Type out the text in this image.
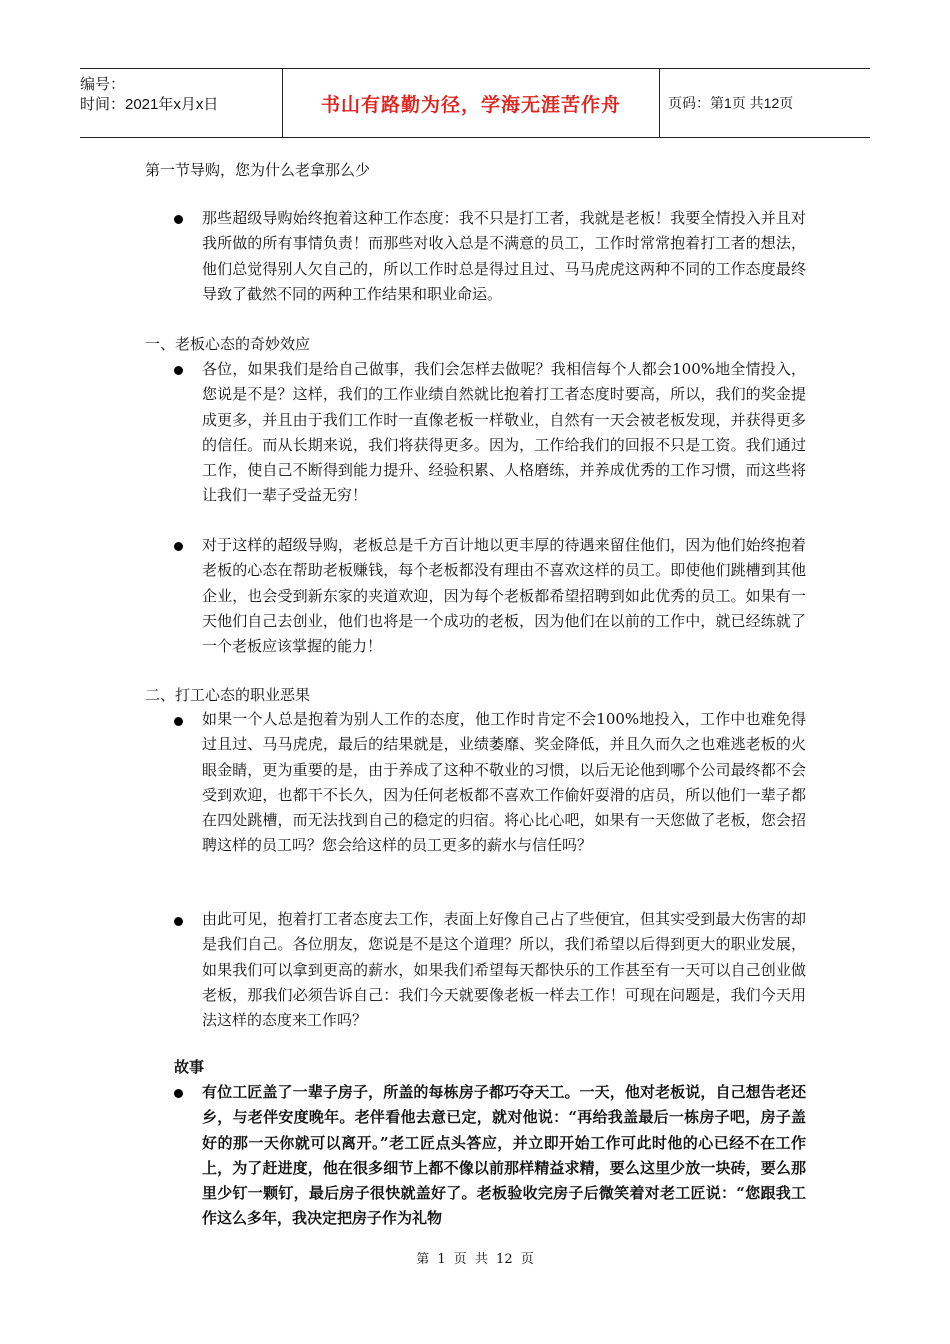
编号：
时间：2021年x月x日	书山有路勤为径，学海无涯苦作舟	页码：第1页 共12页
第一节导购，您为什么老拿那么少
那些超级导购始终抱着这种工作态度：我不只是打工者，我就是老板！我要全情投入并且对我所做的所有事情负责！而那些对收入总是不满意的员工，工作时常常抱着打工者的想法，他们总觉得别人欠自己的，所以工作时总是得过且过、马马虎虎这两种不同的工作态度最终导致了截然不同的两种工作结果和职业命运。
一、老板心态的奇妙效应
各位，如果我们是给自己做事，我们会怎样去做呢？我相信每个人都会100%地全情投入，您说是不是？这样，我们的工作业绩自然就比抱着打工者态度时要高，所以，我们的奖金提成更多，并且由于我们工作时一直像老板一样敬业，自然有一天会被老板发现，并获得更多的信任。而从长期来说，我们将获得更多。因为，工作给我们的回报不只是工资。我们通过工作，使自己不断得到能力提升、经验积累、人格磨练，并养成优秀的工作习惯，而这些将让我们一辈子受益无穷！
对于这样的超级导购，老板总是千方百计地以更丰厚的待遇来留住他们，因为他们始终抱着老板的心态在帮助老板赚钱，每个老板都没有理由不喜欢这样的员工。即使他们跳槽到其他企业，也会受到新东家的夹道欢迎，因为每个老板都希望招聘到如此优秀的员工。如果有一天他们自己去创业，他们也将是一个成功的老板，因为他们在以前的工作中，就已经练就了一个老板应该掌握的能力！
二、打工心态的职业恶果
如果一个人总是抱着为别人工作的态度，他工作时肯定不会100%地投入，工作中也难免得过且过、马马虎虎，最后的结果就是，业绩萎靡、奖金降低，并且久而久之也难逃老板的火眼金睛，更为重要的是，由于养成了这种不敬业的习惯，以后无论他到哪个公司最终都不会受到欢迎，也都干不长久，因为任何老板都不喜欢工作偷奸耍滑的店员，所以他们一辈子都在四处跳槽，而无法找到自己的稳定的归宿。将心比心吧，如果有一天您做了老板，您会招聘这样的员工吗？您会给这样的员工更多的薪水与信任吗？
由此可见，抱着打工者态度去工作，表面上好像自己占了些便宜，但其实受到最大伤害的却是我们自己。各位朋友，您说是不是这个道理？所以，我们希望以后得到更大的职业发展，如果我们可以拿到更高的薪水，如果我们希望每天都快乐的工作甚至有一天可以自己创业做老板，那我们必须告诉自己：我们今天就要像老板一样去工作！可现在问题是，我们今天用法这样的态度来工作吗？
故事
有位工匠盖了一辈子房子，所盖的每栋房子都巧夺天工。一天，他对老板说，自己想告老还乡，与老伴安度晚年。老伴看他去意已定，就对他说：“再给我盖最后一栋房子吧，房子盖好的那一天你就可以离开。”老工匠点头答应，并立即开始工作可此时他的心已经不在工作上，为了赶进度，他在很多细节上都不像以前那样精益求精，要么这里少放一块砖，要么那里少钉一颗钉，最后房子很快就盖好了。老板验收完房子后微笑着对老工匠说：“您跟我工作这么多年，我决定把房子作为礼物
第 1 页 共 12 页
